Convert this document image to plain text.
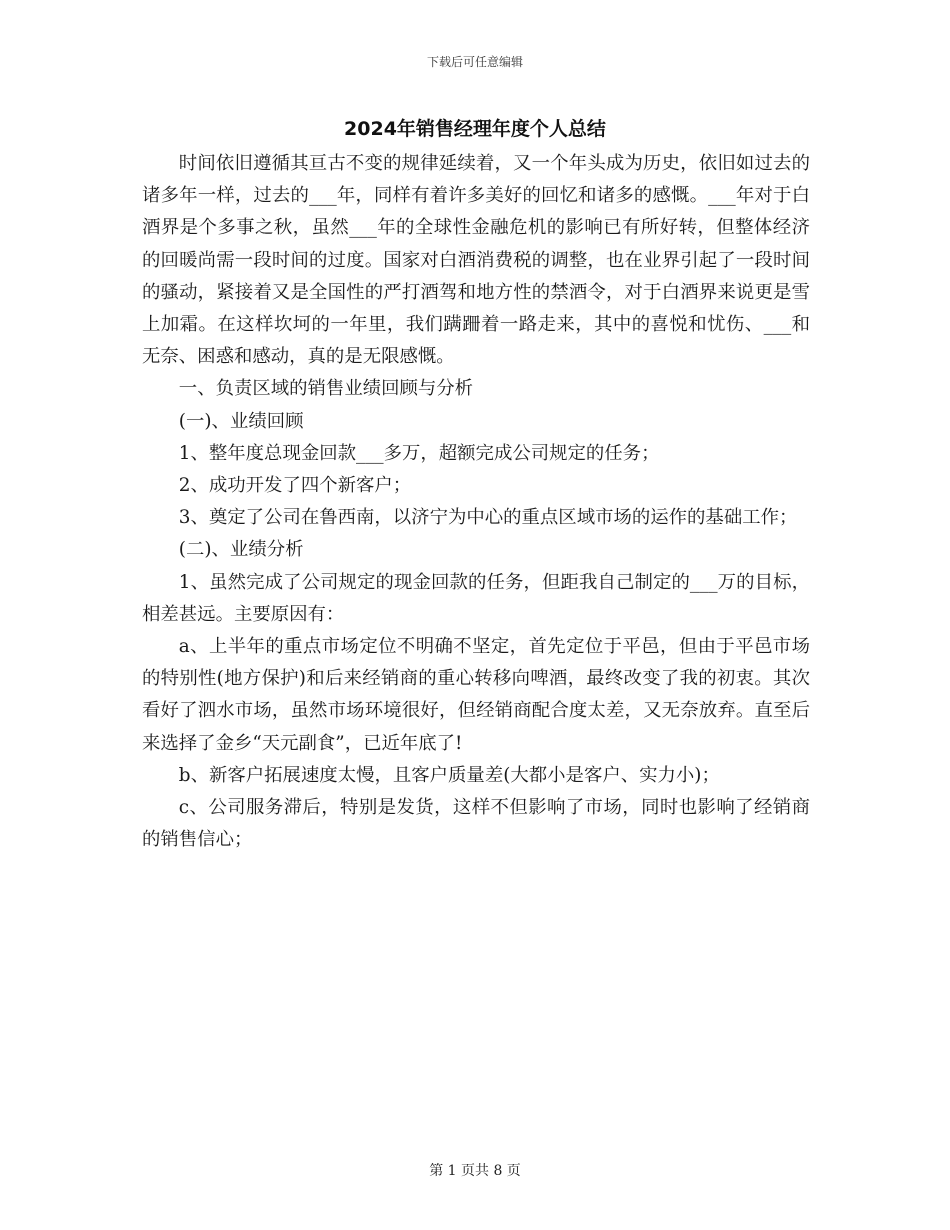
下载后可任意编辑
2024年销售经理年度个人总结

时间依旧遵循其亘古不变的规律延续着，又一个年头成为历史，依旧如过去的诸多年一样，过去的___年，同样有着许多美好的回忆和诸多的感慨。___年对于白酒界是个多事之秋，虽然___年的全球性金融危机的影响已有所好转，但整体经济的回暖尚需一段时间的过度。国家对白酒消费税的调整，也在业界引起了一段时间的骚动，紧接着又是全国性的严打酒驾和地方性的禁酒令，对于白酒界来说更是雪上加霜。在这样坎坷的一年里，我们蹒跚着一路走来，其中的喜悦和忧伤、___和无奈、困惑和感动，真的是无限感慨。

一、负责区域的销售业绩回顾与分析

(一)、业绩回顾

1、整年度总现金回款___多万，超额完成公司规定的任务；

2、成功开发了四个新客户；

3、奠定了公司在鲁西南，以济宁为中心的重点区域市场的运作的基础工作；

(二)、业绩分析

1、虽然完成了公司规定的现金回款的任务，但距我自己制定的___万的目标，相差甚远。主要原因有：

a、上半年的重点市场定位不明确不坚定，首先定位于平邑，但由于平邑市场的特别性(地方保护)和后来经销商的重心转移向啤酒，最终改变了我的初衷。其次看好了泗水市场，虽然市场环境很好，但经销商配合度太差，又无奈放弃。直至后来选择了金乡“天元副食”，已近年底了!

b、新客户拓展速度太慢，且客户质量差(大都小是客户、实力小)；

c、公司服务滞后，特别是发货，这样不但影响了市场，同时也影响了经销商的销售信心；

第 1 页共 8 页
